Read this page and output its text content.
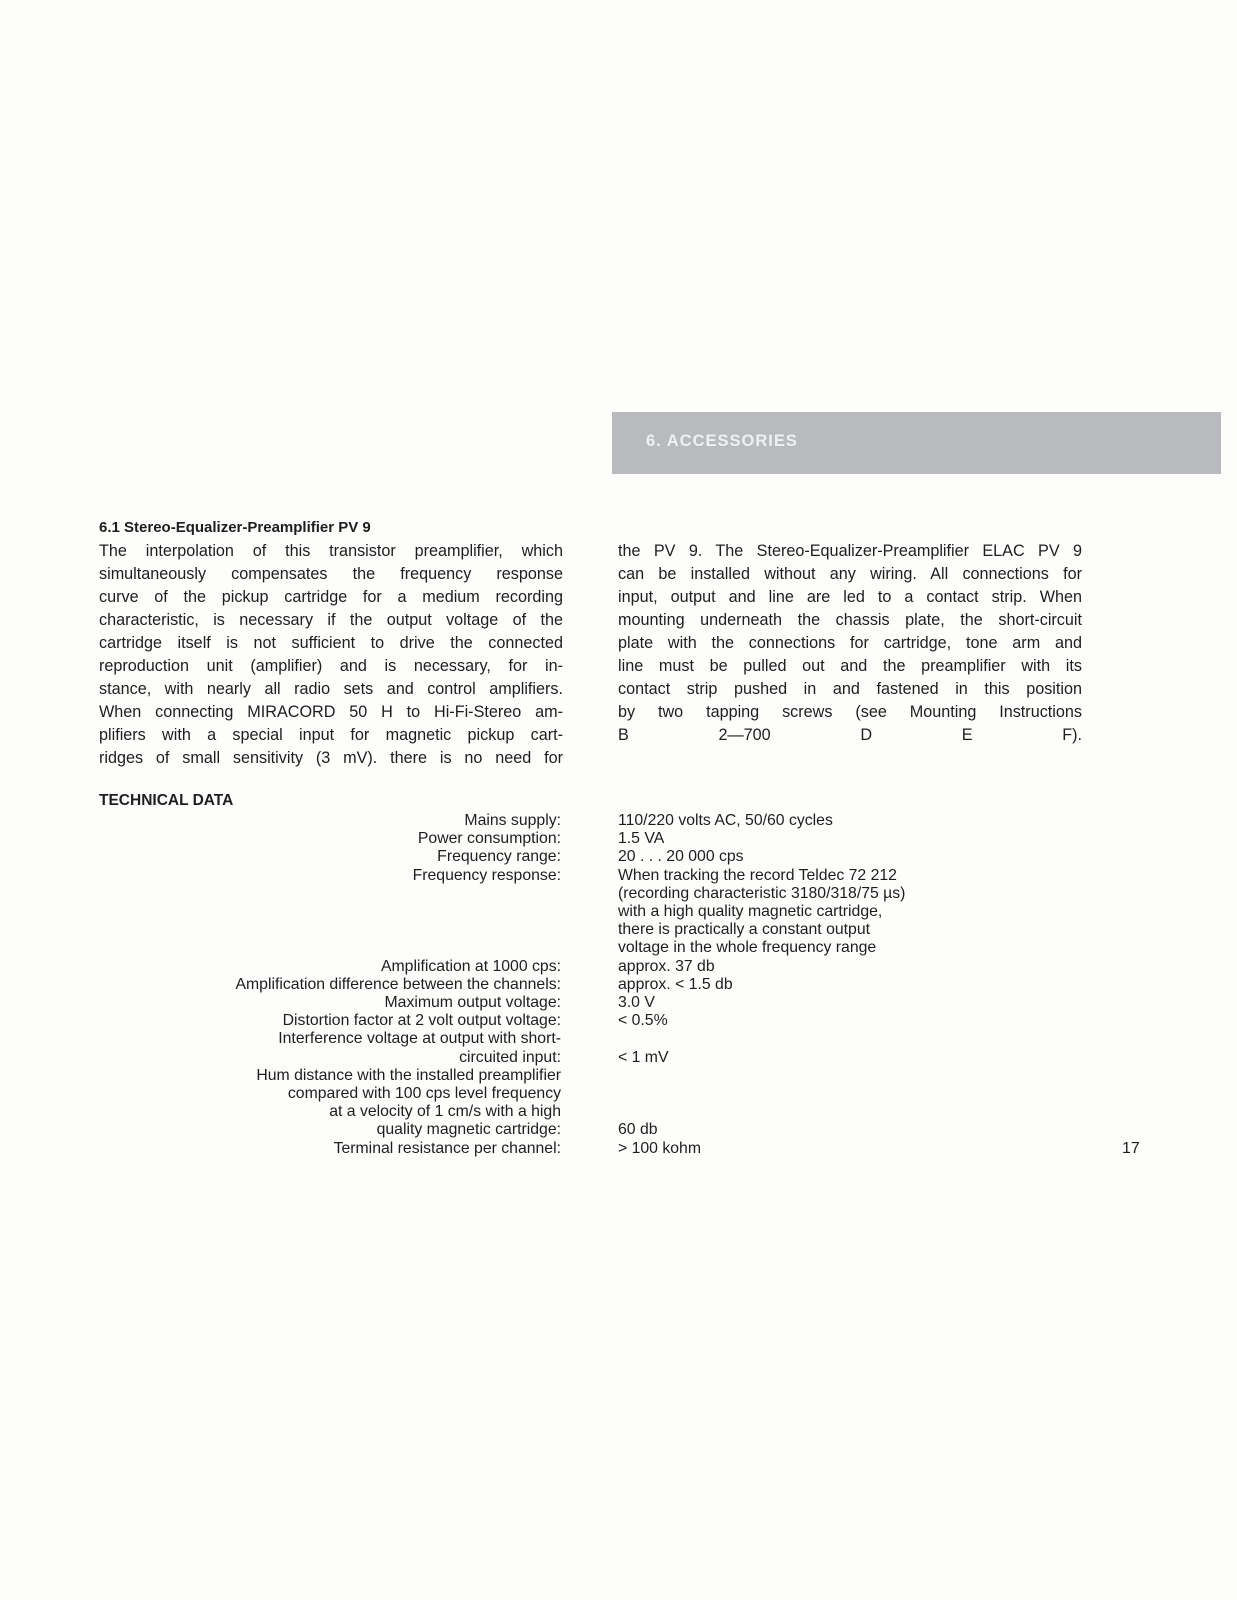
6. ACCESSORIES
6.1 Stereo-Equalizer-Preamplifier PV 9

The interpolation of this transistor preamplifier, which
simultaneously compensates the frequency response
curve of the pickup cartridge for a medium recording
characteristic, is necessary if the output voltage of the
cartridge itself is not sufficient to drive the connected
reproduction unit (amplifier) and is necessary, for in-
stance, with nearly all radio sets and control amplifiers.
When connecting MIRACORD 50 H to Hi-Fi-Stereo am-
plifiers with a special input for magnetic pickup cart-
ridges of small sensitivity (3 mV). there is no need for

the PV 9. The Stereo-Equalizer-Preamplifier ELAC PV 9
can be installed without any wiring. All connections for
input, output and line are led to a contact strip. When
mounting underneath the chassis plate, the short-circuit
plate with the connections for cartridge, tone arm and
line must be pulled out and the preamplifier with its
contact strip pushed in and fastened in this position
by two tapping screws (see Mounting Instructions
B 2—700 D E F).

TECHNICAL DATA
Mains supply:
Power consumption:
Frequency range:
Frequency response:
Amplification at 1000 cps:
Amplification difference between the channels:
Maximum output voltage:
Distortion factor at 2 volt output voltage:
Interference voltage at output with short-
circuited input:
Hum distance with the installed preamplifier
compared with 100 cps level frequency
at a velocity of 1 cm/s with a high
quality magnetic cartridge:
Terminal resistance per channel:
110/220 volts AC, 50/60 cycles
1.5 VA
20 . . . 20 000 cps
When tracking the record Teldec 72 212
(recording characteristic 3180/318/75 µs)
with a high quality magnetic cartridge,
there is practically a constant output
voltage in the whole frequency range
approx. 37 db
approx. < 1.5 db
3.0 V
< 0.5%
< 1 mV
60 db
> 100 kohm	17
